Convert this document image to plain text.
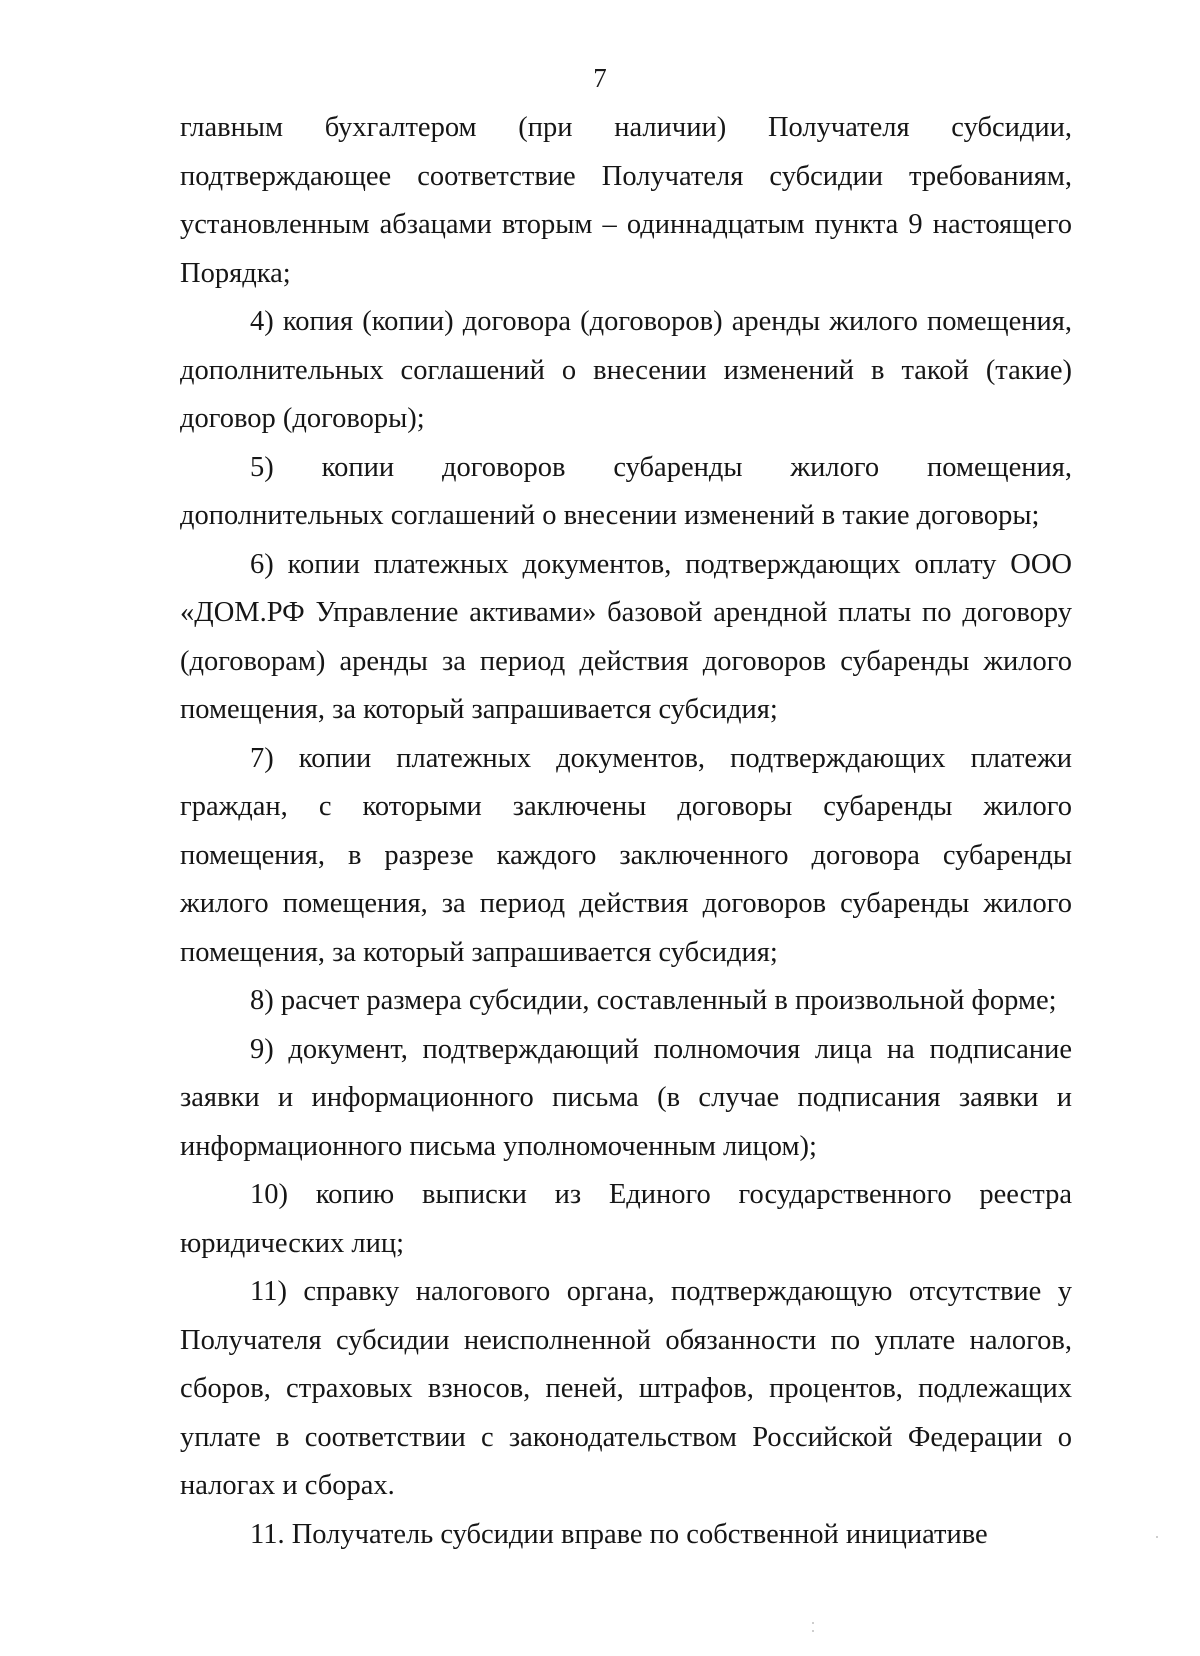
7

главным бухгалтером (при наличии) Получателя субсидии, подтверждающее соответствие Получателя субсидии требованиям, установленным абзацами вторым – одиннадцатым пункта 9 настоящего Порядка;

4) копия (копии) договора (договоров) аренды жилого помещения, дополнительных соглашений о внесении изменений в такой (такие) договор (договоры);

5) копии договоров субаренды жилого помещения, дополнительных соглашений о внесении изменений в такие договоры;

6) копии платежных документов, подтверждающих оплату ООО «ДОМ.РФ Управление активами» базовой арендной платы по договору (договорам) аренды за период действия договоров субаренды жилого помещения, за который запрашивается субсидия;

7) копии платежных документов, подтверждающих платежи граждан, с которыми заключены договоры субаренды жилого помещения, в разрезе каждого заключенного договора субаренды жилого помещения, за период действия договоров субаренды жилого помещения, за который запрашивается субсидия;

8) расчет размера субсидии, составленный в произвольной форме;

9) документ, подтверждающий полномочия лица на подписание заявки и информационного письма (в случае подписания заявки и информационного письма уполномоченным лицом);

10) копию выписки из Единого государственного реестра юридических лиц;

11) справку налогового органа, подтверждающую отсутствие у Получателя субсидии неисполненной обязанности по уплате налогов, сборов, страховых взносов, пеней, штрафов, процентов, подлежащих уплате в соответствии с законодательством Российской Федерации о налогах и сборах.

11. Получатель субсидии вправе по собственной инициативе
